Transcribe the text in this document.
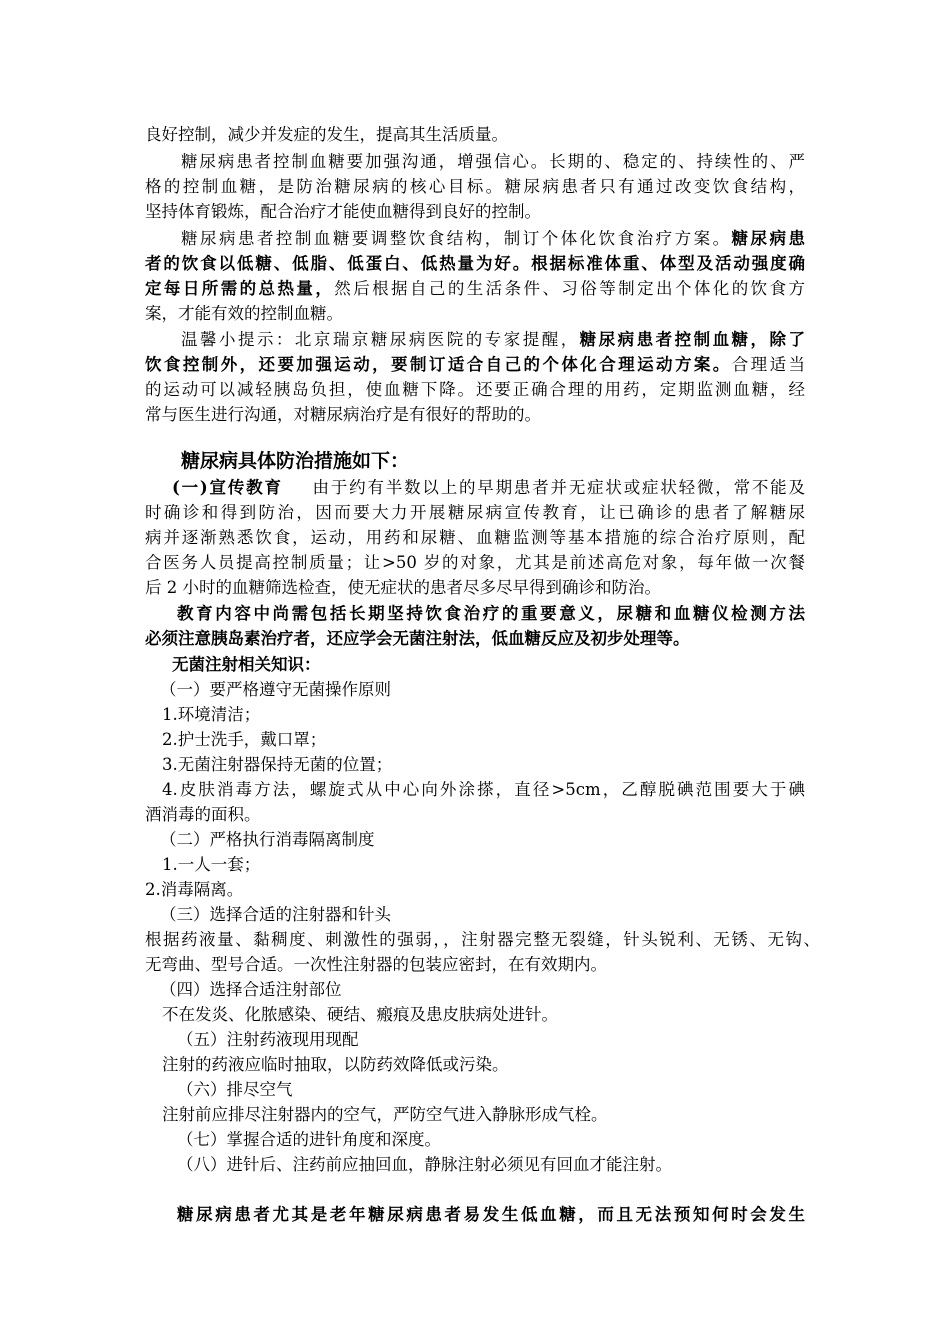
良好控制，减少并发症的发生，提高其生活质量。
糖尿病患者控制血糖要加强沟通，增强信心。长期的、稳定的、持续性的、严
格的控制血糖，是防治糖尿病的核心目标。糖尿病患者只有通过改变饮食结构，
坚持体育锻炼，配合治疗才能使血糖得到良好的控制。
糖尿病患者控制血糖要调整饮食结构，制订个体化饮食治疗方案。糖尿病患
者的饮食以低糖、低脂、低蛋白、低热量为好。根据标准体重、体型及活动强度确
定每日所需的总热量，然后根据自己的生活条件、习俗等制定出个体化的饮食方
案，才能有效的控制血糖。
温馨小提示：北京瑞京糖尿病医院的专家提醒，糖尿病患者控制血糖，除了
饮食控制外，还要加强运动，要制订适合自己的个体化合理运动方案。合理适当
的运动可以减轻胰岛负担，使血糖下降。还要正确合理的用药，定期监测血糖，经
常与医生进行沟通，对糖尿病治疗是有很好的帮助的。
糖尿病具体防治措施如下：
(一)宣传教育 由于约有半数以上的早期患者并无症状或症状轻微，常不能及
时确诊和得到防治，因而要大力开展糖尿病宣传教育，让已确诊的患者了解糖尿
病并逐渐熟悉饮食，运动，用药和尿糖、血糖监测等基本措施的综合治疗原则，配
合医务人员提高控制质量；让>50 岁的对象，尤其是前述高危对象，每年做一次餐
后 2 小时的血糖筛选检查，使无症状的患者尽多尽早得到确诊和防治。
教育内容中尚需包括长期坚持饮食治疗的重要意义，尿糖和血糖仪检测方法
必须注意胰岛素治疗者，还应学会无菌注射法，低血糖反应及初步处理等。
无菌注射相关知识：
（一）要严格遵守无菌操作原则
1.环境清洁；
2.护士洗手，戴口罩；
3.无菌注射器保持无菌的位置；
4.皮肤消毒方法，螺旋式从中心向外涂搽，直径>5cm，乙醇脱碘范围要大于碘
酒消毒的面积。
（二）严格执行消毒隔离制度
1.一人一套；
2.消毒隔离。
（三）选择合适的注射器和针头
根据药液量、黏稠度、刺激性的强弱，，注射器完整无裂缝，针头锐利、无锈、无钩、
无弯曲、型号合适。一次性注射器的包装应密封，在有效期内。
（四）选择合适注射部位
不在发炎、化脓感染、硬结、瘢痕及患皮肤病处进针。
（五）注射药液现用现配
注射的药液应临时抽取，以防药效降低或污染。
（六）排尽空气
注射前应排尽注射器内的空气，严防空气进入静脉形成气栓。
（七）掌握合适的进针角度和深度。
（八）进针后、注药前应抽回血，静脉注射必须见有回血才能注射。
糖尿病患者尤其是老年糖尿病患者易发生低血糖，而且无法预知何时会发生
